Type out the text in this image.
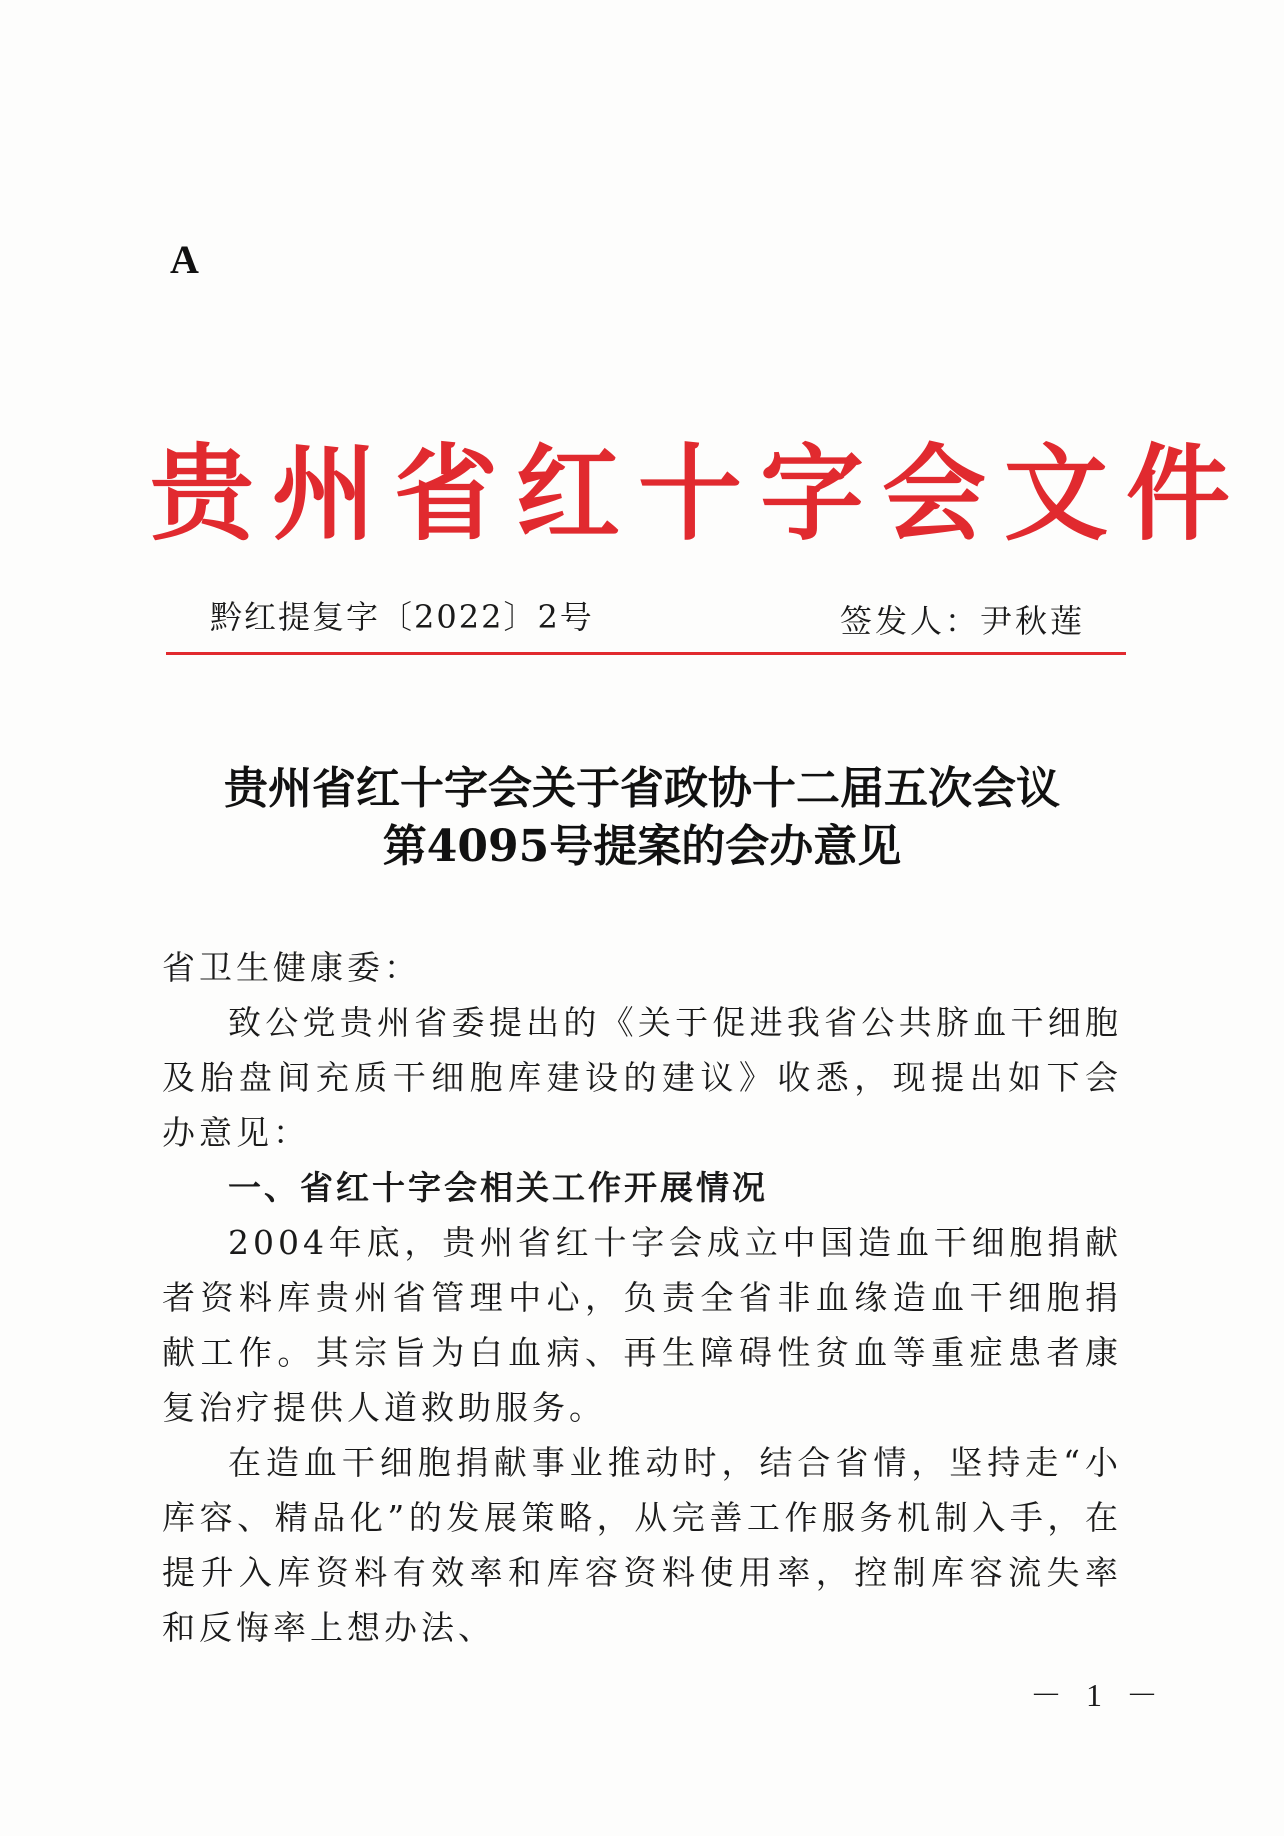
A
贵州省红十字会文件
黔红提复字〔2022〕2号	签发人：尹秋莲
贵州省红十字会关于省政协十二届五次会议
第4095号提案的会办意见

省卫生健康委：

致公党贵州省委提出的《关于促进我省公共脐血干细胞及胎盘间充质干细胞库建设的建议》收悉，现提出如下会办意见：

一、省红十字会相关工作开展情况

2004年底，贵州省红十字会成立中国造血干细胞捐献者资料库贵州省管理中心，负责全省非血缘造血干细胞捐献工作。其宗旨为白血病、再生障碍性贫血等重症患者康复治疗提供人道救助服务。

在造血干细胞捐献事业推动时，结合省情，坚持走“小库容、精品化”的发展策略，从完善工作服务机制入手，在提升入库资料有效率和库容资料使用率，控制库容流失率和反悔率上想办法、

－ 1 －
